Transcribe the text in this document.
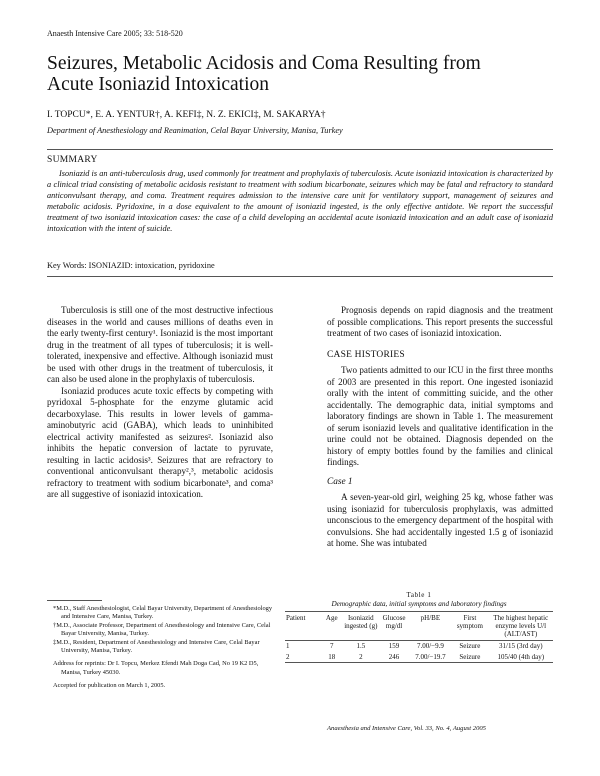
Anaesth Intensive Care 2005; 33: 518-520
Seizures, Metabolic Acidosis and Coma Resulting from Acute Isoniazid Intoxication
I. TOPCU*, E. A. YENTUR†, A. KEFI‡, N. Z. EKICI‡, M. SAKARYA†
Department of Anesthesiology and Reanimation, Celal Bayar University, Manisa, Turkey
SUMMARY
Isoniazid is an anti-tuberculosis drug, used commonly for treatment and prophylaxis of tuberculosis. Acute isoniazid intoxication is characterized by a clinical triad consisting of metabolic acidosis resistant to treatment with sodium bicarbonate, seizures which may be fatal and refractory to standard anticonvulsant therapy, and coma. Treatment requires admission to the intensive care unit for ventilatory support, management of seizures and metabolic acidosis. Pyridoxine, in a dose equivalent to the amount of isoniazid ingested, is the only effective antidote. We report the successful treatment of two isoniazid intoxication cases: the case of a child developing an accidental acute isoniazid intoxication and an adult case of isoniazid intoxication with the intent of suicide.
Key Words: ISONIAZID: intoxication, pyridoxine

Tuberculosis is still one of the most destructive infectious diseases in the world and causes millions of deaths even in the early twenty-first century¹. Isoniazid is the most important drug in the treatment of all types of tuberculosis; it is well-tolerated, inexpensive and effective. Although isoniazid must be used with other drugs in the treatment of tuberculosis, it can also be used alone in the prophylaxis of tuberculosis.

Isoniazid produces acute toxic effects by competing with pyridoxal 5-phosphate for the enzyme glutamic acid decarboxylase. This results in lower levels of gamma-aminobutyric acid (GABA), which leads to uninhibited electrical activity manifested as seizures². Isoniazid also inhibits the hepatic conversion of lactate to pyruvate, resulting in lactic acidosis³. Seizures that are refractory to conventional anticonvulsant therapy²,³, metabolic acidosis refractory to treatment with sodium bicarbonate³, and coma³ are all suggestive of isoniazid intoxication.

Prognosis depends on rapid diagnosis and the treatment of possible complications. This report presents the successful treatment of two cases of isoniazid intoxication.

CASE HISTORIES

Two patients admitted to our ICU in the first three months of 2003 are presented in this report. One ingested isoniazid orally with the intent of committing suicide, and the other accidentally. The demographic data, initial symptoms and laboratory findings are shown in Table 1. The measurement of serum isoniazid levels and qualitative identification in the urine could not be obtained. Diagnosis depended on the history of empty bottles found by the families and clinical findings.

Case 1

A seven-year-old girl, weighing 25 kg, whose father was using isoniazid for tuberculosis prophylaxis, was admitted unconscious to the emergency department of the hospital with convulsions. She had accidentally ingested 1.5 g of isoniazid at home. She was intubated

*M.D., Staff Anesthesiologist, Celal Bayar University, Department of Anesthesiology and Intensive Care, Manisa, Turkey.
†M.D., Associate Professor, Department of Anesthesiology and Intensive Care, Celal Bayar University, Manisa, Turkey.
‡M.D., Resident, Department of Anesthesiology and Intensive Care, Celal Bayar University, Manisa, Turkey.
Address for reprints: Dr I. Topcu, Merkez Efendi Mah Doga Cad, No 19 K2 D5, Manisa, Turkey 45030.
Accepted for publication on March 1, 2005.
Table 1
Demographic data, initial symptoms and laboratory findings
Patient	Age	Isoniazid ingested (g)	Glucose mg/dl	pH/BE	First symptom	The highest hepatic enzyme levels U/l (ALT/AST)
1	7	1.5	159	7.00/−9.9	Seizure	31/15 (3rd day)
2	18	2	246	7.00/−19.7	Seizure	105/40 (4th day)
Anaesthesia and Intensive Care, Vol. 33, No. 4, August 2005
